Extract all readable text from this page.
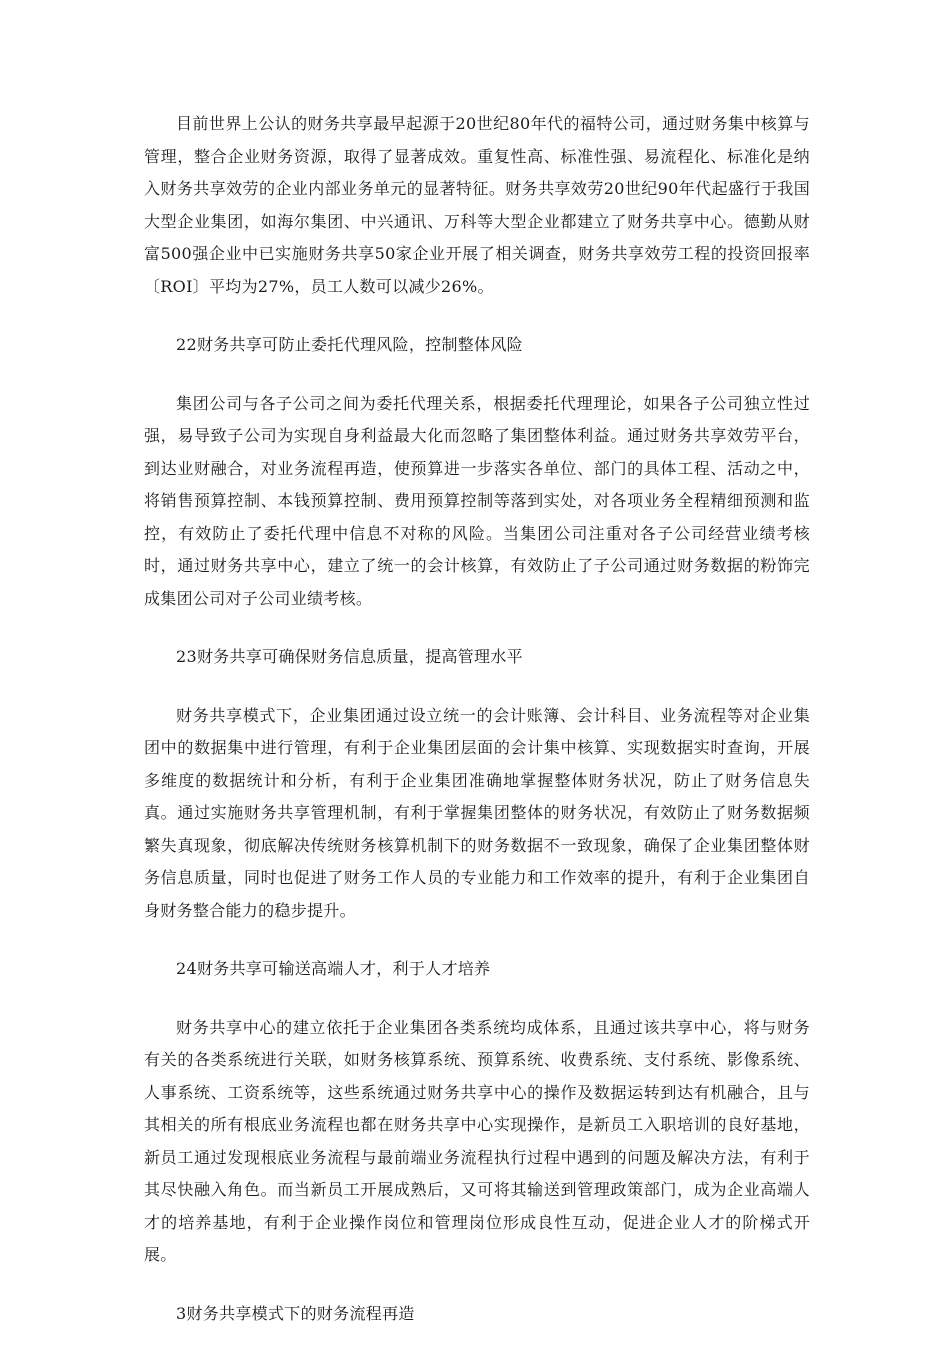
目前世界上公认的财务共享最早起源于20世纪80年代的福特公司，通过财务集中核算与管理，整合企业财务资源，取得了显著成效。重复性高、标准性强、易流程化、标准化是纳入财务共享效劳的企业内部业务单元的显著特征。财务共享效劳20世纪90年代起盛行于我国大型企业集团，如海尔集团、中兴通讯、万科等大型企业都建立了财务共享中心。德勤从财富500强企业中已实施财务共享50家企业开展了相关调查，财务共享效劳工程的投资回报率〔ROI〕平均为27%，员工人数可以减少26%。

22财务共享可防止委托代理风险，控制整体风险

集团公司与各子公司之间为委托代理关系，根据委托代理理论，如果各子公司独立性过强，易导致子公司为实现自身利益最大化而忽略了集团整体利益。通过财务共享效劳平台，到达业财融合，对业务流程再造，使预算进一步落实各单位、部门的具体工程、活动之中，将销售预算控制、本钱预算控制、费用预算控制等落到实处，对各项业务全程精细预测和监控，有效防止了委托代理中信息不对称的风险。当集团公司注重对各子公司经营业绩考核时，通过财务共享中心，建立了统一的会计核算，有效防止了子公司通过财务数据的粉饰完成集团公司对子公司业绩考核。

23财务共享可确保财务信息质量，提高管理水平

财务共享模式下，企业集团通过设立统一的会计账簿、会计科目、业务流程等对企业集团中的数据集中进行管理，有利于企业集团层面的会计集中核算、实现数据实时查询，开展多维度的数据统计和分析，有利于企业集团准确地掌握整体财务状况，防止了财务信息失真。通过实施财务共享管理机制，有利于掌握集团整体的财务状况，有效防止了财务数据频繁失真现象，彻底解决传统财务核算机制下的财务数据不一致现象，确保了企业集团整体财务信息质量，同时也促进了财务工作人员的专业能力和工作效率的提升，有利于企业集团自身财务整合能力的稳步提升。

24财务共享可输送高端人才，利于人才培养

财务共享中心的建立依托于企业集团各类系统均成体系，且通过该共享中心，将与财务有关的各类系统进行关联，如财务核算系统、预算系统、收费系统、支付系统、影像系统、人事系统、工资系统等，这些系统通过财务共享中心的操作及数据运转到达有机融合，且与其相关的所有根底业务流程也都在财务共享中心实现操作，是新员工入职培训的良好基地，新员工通过发现根底业务流程与最前端业务流程执行过程中遇到的问题及解决方法，有利于其尽快融入角色。而当新员工开展成熟后，又可将其输送到管理政策部门，成为企业高端人才的培养基地，有利于企业操作岗位和管理岗位形成良性互动，促进企业人才的阶梯式开展。

3财务共享模式下的财务流程再造
